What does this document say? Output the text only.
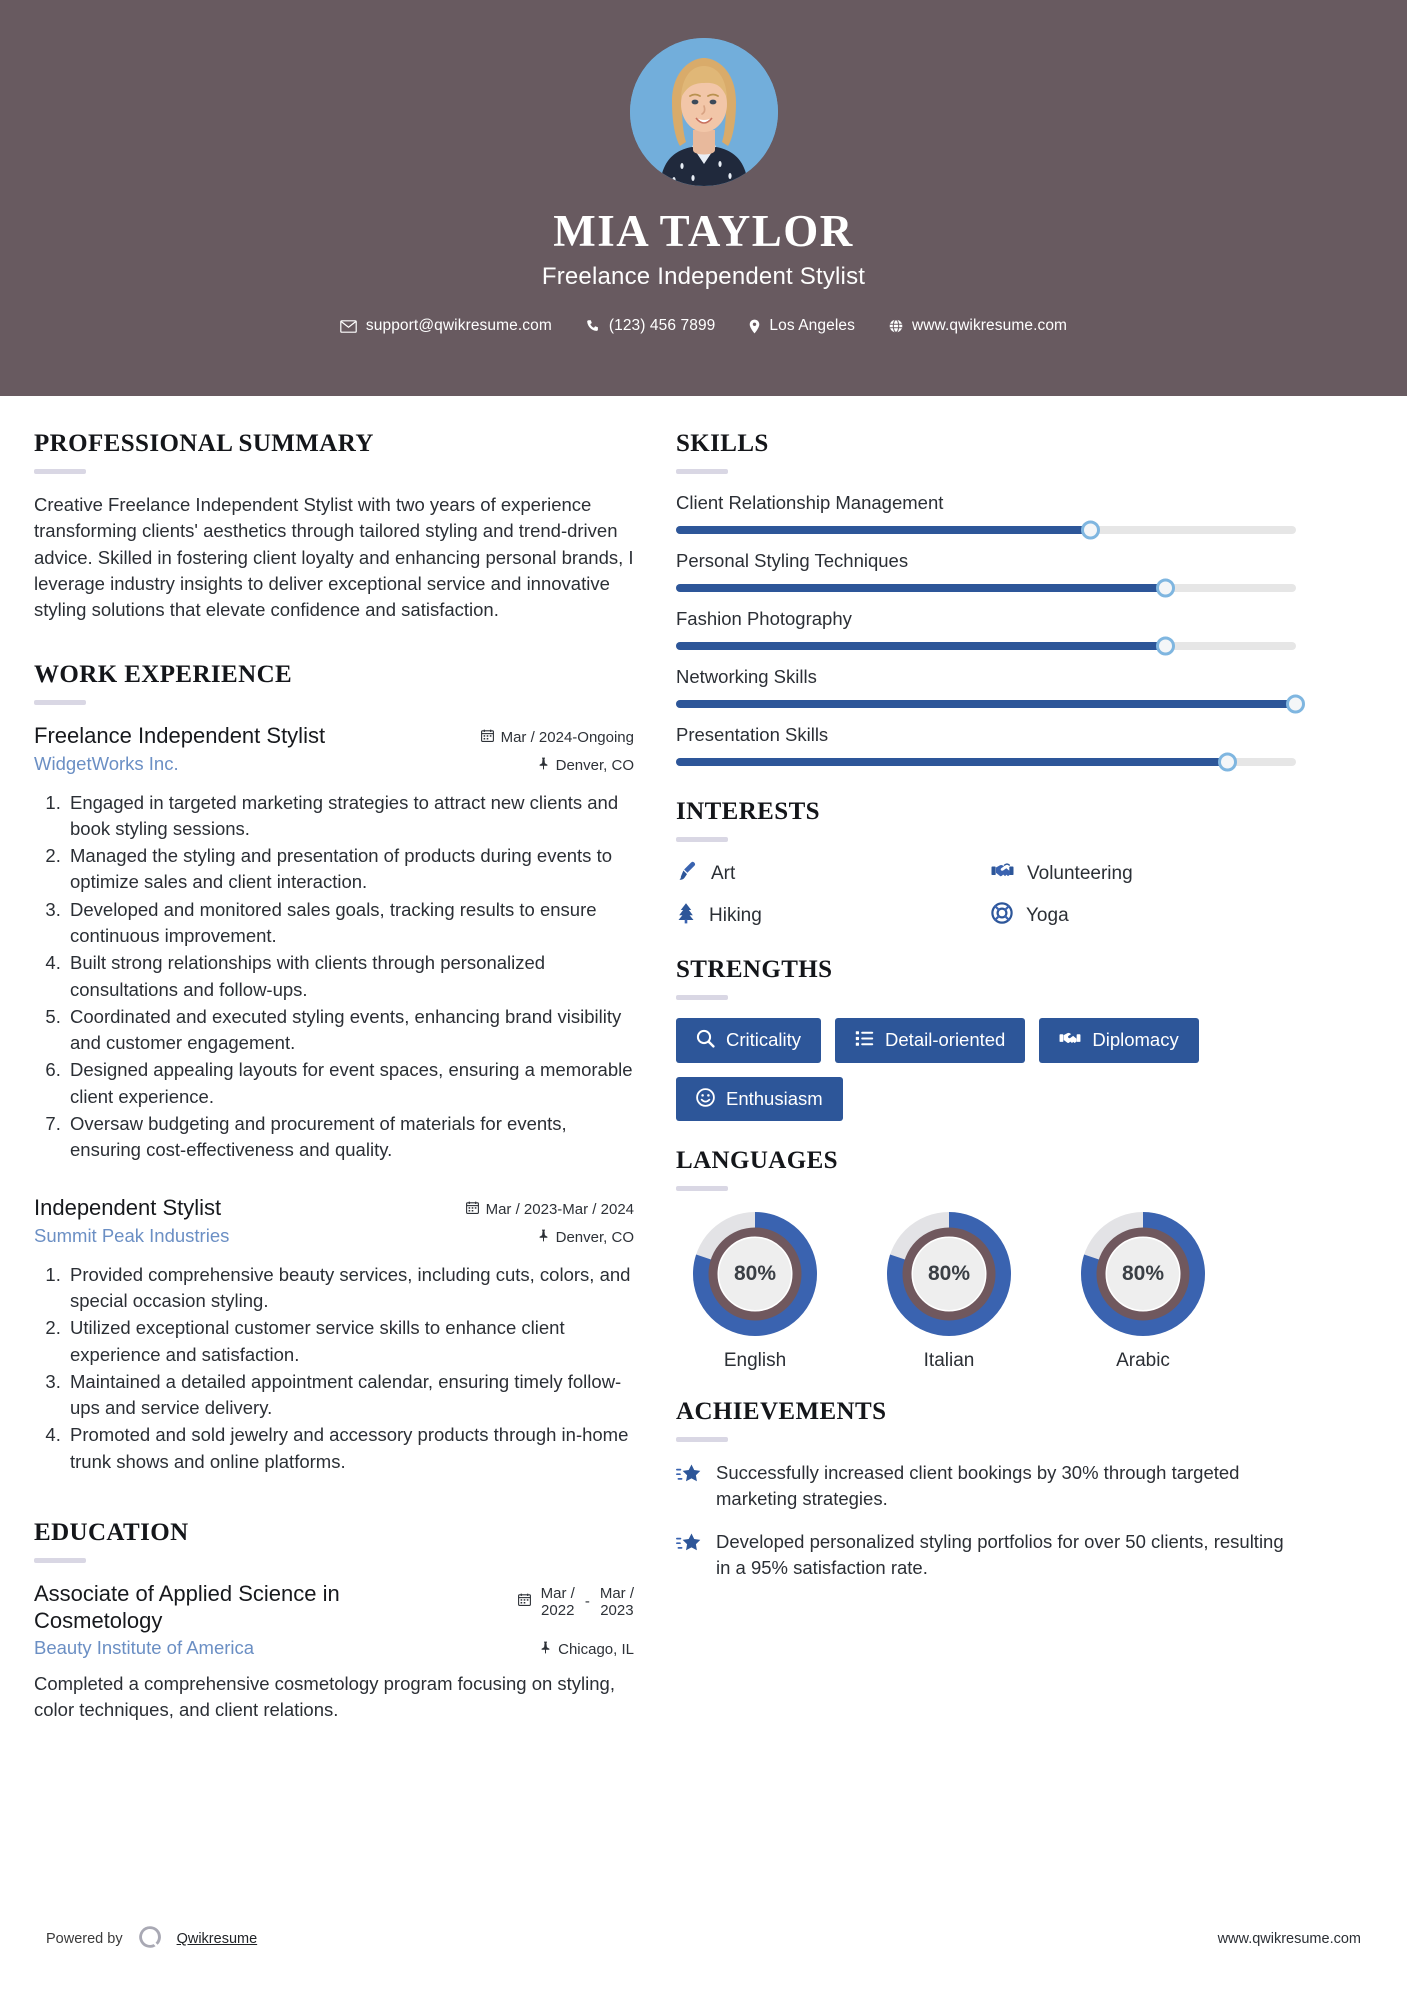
MIA TAYLOR
Freelance Independent Stylist
support@qwikresume.com	(123) 456 7899	Los Angeles	www.qwikresume.com
PROFESSIONAL SUMMARY
Creative Freelance Independent Stylist with two years of experience transforming clients' aesthetics through tailored styling and trend-driven advice. Skilled in fostering client loyalty and enhancing personal brands, I leverage industry insights to deliver exceptional service and innovative styling solutions that elevate confidence and satisfaction.
WORK EXPERIENCE
Freelance Independent Stylist	Mar / 2024-Ongoing
WidgetWorks Inc.	Denver, CO
1. Engaged in targeted marketing strategies to attract new clients and book styling sessions.
2. Managed the styling and presentation of products during events to optimize sales and client interaction.
3. Developed and monitored sales goals, tracking results to ensure continuous improvement.
4. Built strong relationships with clients through personalized consultations and follow-ups.
5. Coordinated and executed styling events, enhancing brand visibility and customer engagement.
6. Designed appealing layouts for event spaces, ensuring a memorable client experience.
7. Oversaw budgeting and procurement of materials for events, ensuring cost-effectiveness and quality.
Independent Stylist	Mar / 2023-Mar / 2024
Summit Peak Industries	Denver, CO
1. Provided comprehensive beauty services, including cuts, colors, and special occasion styling.
2. Utilized exceptional customer service skills to enhance client experience and satisfaction.
3. Maintained a detailed appointment calendar, ensuring timely follow-ups and service delivery.
4. Promoted and sold jewelry and accessory products through in-home trunk shows and online platforms.
EDUCATION
Associate of Applied Science in Cosmetology
Mar /
2022
- Mar /
2023
Beauty Institute of America	Chicago, IL
Completed a comprehensive cosmetology program focusing on styling, color techniques, and client relations.
SKILLS
Client Relationship Management
Personal Styling Techniques
Fashion Photography
Networking Skills
Presentation Skills
INTERESTS
Art	Volunteering
Hiking	Yoga
STRENGTHS
Criticality	Detail-oriented	Diplomacy
Enthusiasm
LANGUAGES
80%
English
80%
Italian
80%
Arabic
ACHIEVEMENTS
Successfully increased client bookings by 30% through targeted marketing strategies.
Developed personalized styling portfolios for over 50 clients, resulting in a 95% satisfaction rate.
Powered by	Qwikresume	www.qwikresume.com
